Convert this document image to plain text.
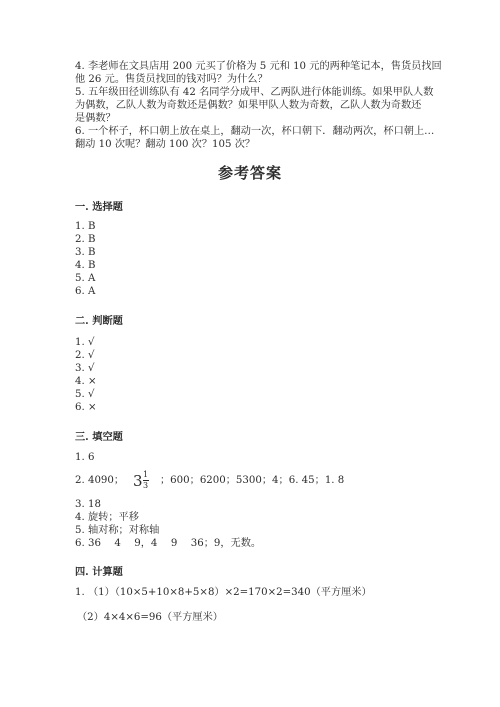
4. 李老师在文具店用 200 元买了价格为 5 元和 10 元的两种笔记本，售货员找回
他 26 元。售货员找回的钱对吗？为什么？
5. 五年级田径训练队有 42 名同学分成甲、乙两队进行体能训练。如果甲队人数
为偶数，乙队人数为奇数还是偶数？如果甲队人数为奇数，乙队人数为奇数还
是偶数？
6. 一个杯子，杯口朝上放在桌上，翻动一次，杯口朝下．翻动两次，杯口朝上…
翻动 10 次呢？翻动 100 次？105 次？
参考答案
一. 选择题
1. B
2. B
3. B
4. B
5. A
6. A
二. 判断题
1. √
2. √
3. √
4. ×
5. √
6. ×
三. 填空题
1. 6
2. 4090； 3 1
3 ；600；6200；5300；4；6. 45；1. 8
3. 18
4. 旋转；平移
5. 轴对称；对称轴
6. 36　 4　 9，4　 9　 36；9，无数。
四. 计算题
1. （1）（10×5+10×8+5×8）×2=170×2=340（平方厘米）
（2）4×4×6=96（平方厘米）
